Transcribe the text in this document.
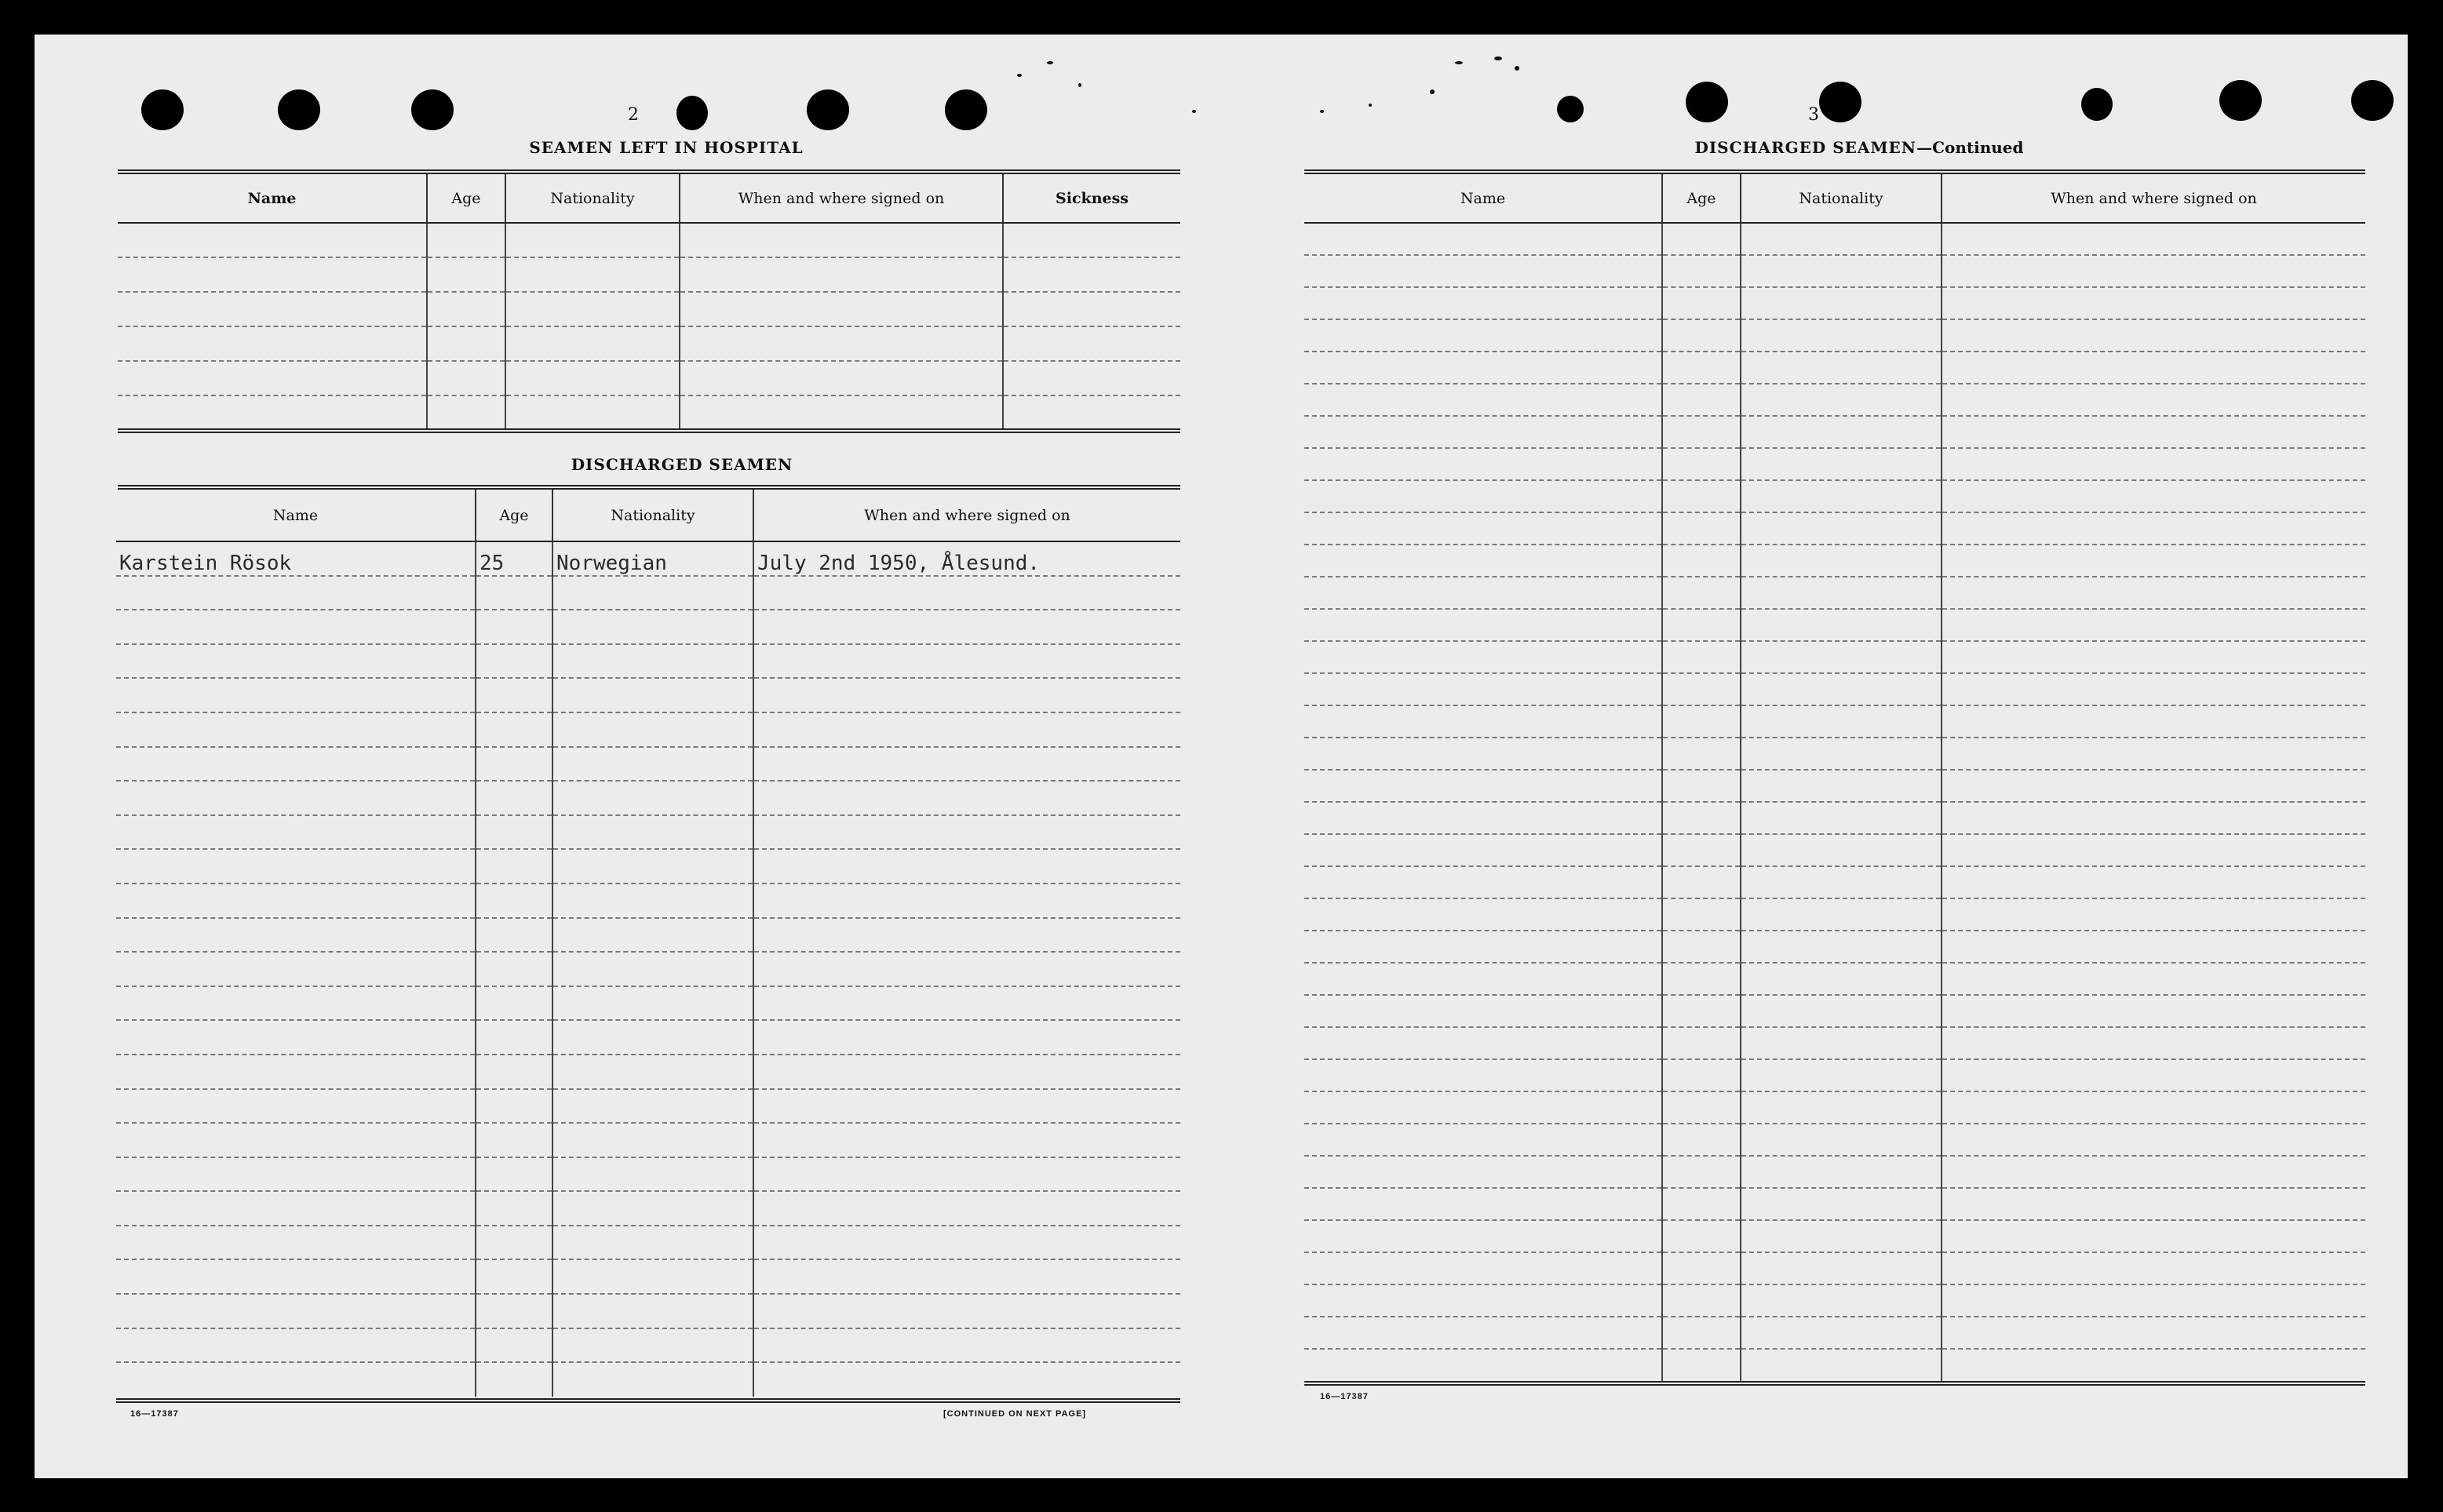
2
SEAMEN LEFT IN HOSPITAL
Name	Age	Nationality	When and where signed on	Sickness

DISCHARGED SEAMEN
Name	Age	Nationality	When and where signed on
Karstein Rösok	25	Norwegian	July 2nd 1950, Ålesund.

16—17387	[CONTINUED ON NEXT PAGE]
3
DISCHARGED SEAMEN—Continued
Name	Age	Nationality	When and where signed on

16—17387
